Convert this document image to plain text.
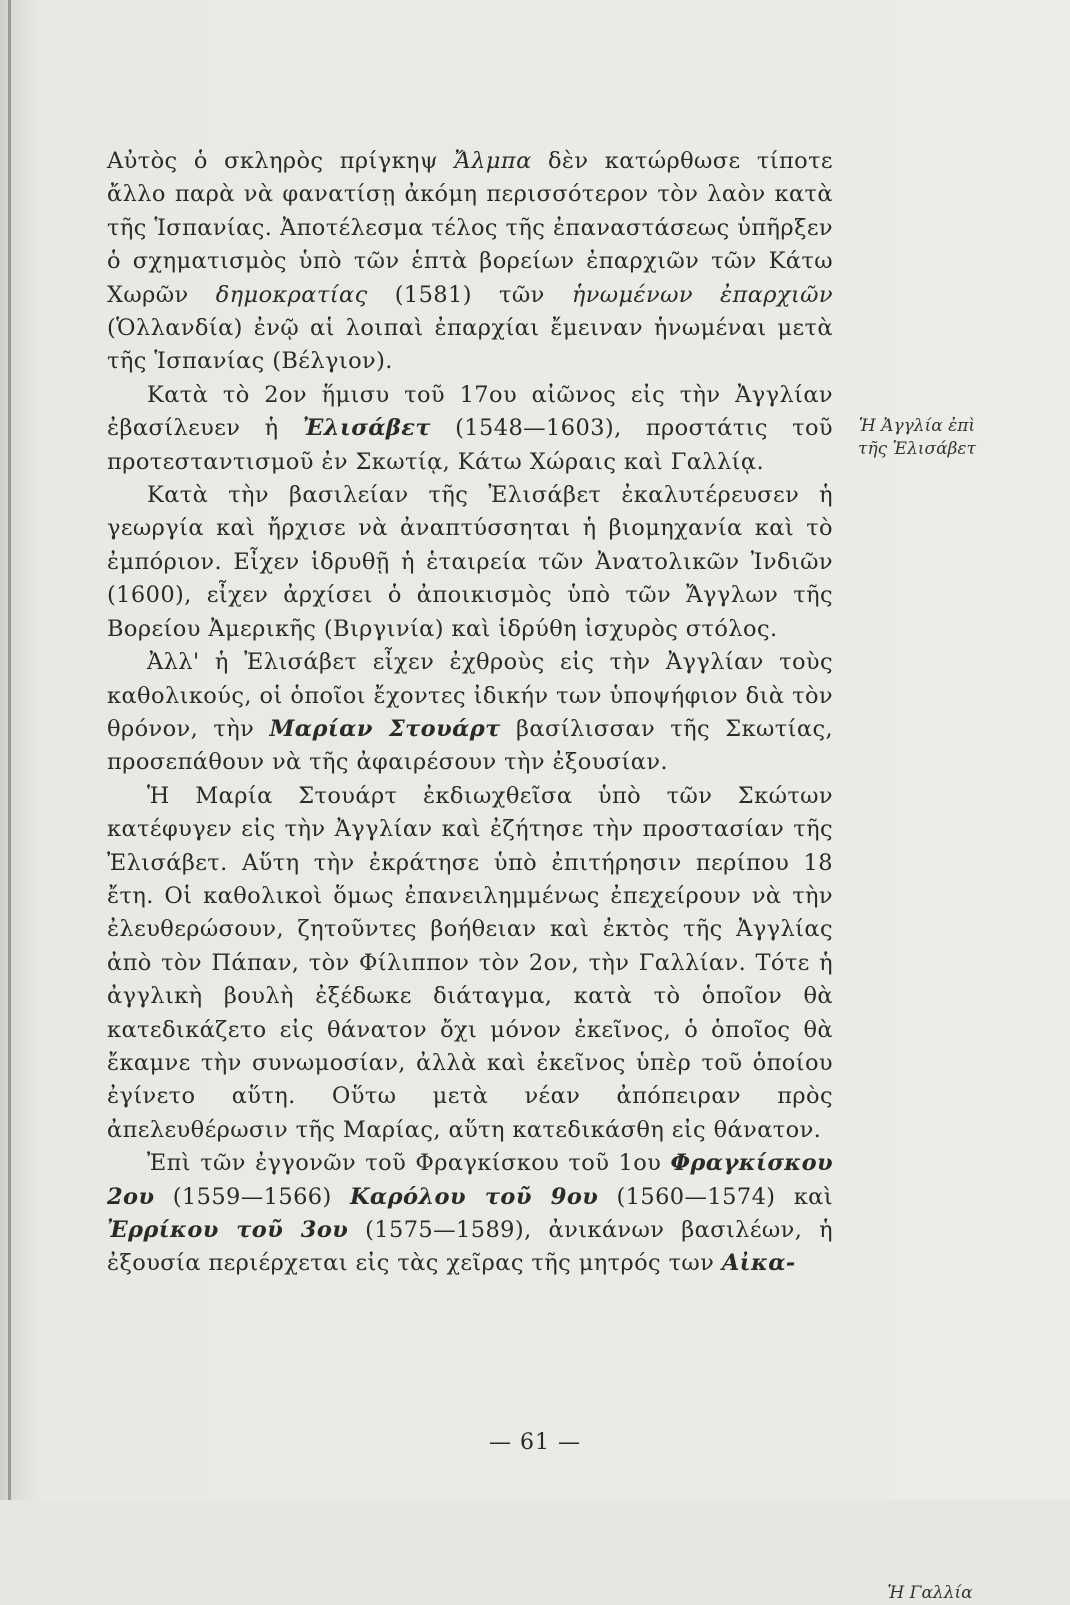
Αὐτὸς ὁ σκληρὸς πρίγκηψ Ἄλμπα δὲν κατώρθωσε τίποτε ἄλλο παρὰ νὰ φανατίσῃ ἀκόμη περισσότερον τὸν λαὸν κατὰ τῆς Ἱσπανίας. Ἀποτέλεσμα τέλος τῆς ἐπαναστάσεως ὑπῆρξεν ὁ σχηματισμὸς ὑπὸ τῶν ἑπτὰ βορείων ἐπαρχιῶν τῶν Κάτω Χωρῶν δημοκρατίας (1581) τῶν ἡνωμένων ἐπαρχιῶν (Ὁλλανδία) ἐνῷ αἱ λοιπαὶ ἐπαρχίαι ἔμειναν ἡνωμέναι μετὰ τῆς Ἱσπανίας (Βέλγιον).

Κατὰ τὸ 2ον ἥμισυ τοῦ 17ου αἰῶνος εἰς τὴν Ἀγγλίαν ἐβασίλευεν ἡ Ἐλισάβετ (1548—1603), προστάτις τοῦ προτεσταντισμοῦ ἐν Σκωτίᾳ, Κάτω Χώραις καὶ Γαλλίᾳ.

Κατὰ τὴν βασιλείαν τῆς Ἐλισάβετ ἐκαλυτέρευσεν ἡ γεωργία καὶ ἤρχισε νὰ ἀναπτύσσηται ἡ βιομηχανία καὶ τὸ ἐμπόριον. Εἶχεν ἱδρυθῇ ἡ ἑταιρεία τῶν Ἀνατολικῶν Ἰνδιῶν (1600), εἶχεν ἀρχίσει ὁ ἀποικισμὸς ὑπὸ τῶν Ἄγγλων τῆς Βορείου Ἀμερικῆς (Βιργινία) καὶ ἱδρύθη ἰσχυρὸς στόλος.

Ἀλλ' ἡ Ἐλισάβετ εἶχεν ἐχθροὺς εἰς τὴν Ἀγγλίαν τοὺς καθολικούς, οἱ ὁποῖοι ἔχοντες ἰδικήν των ὑποψήφιον διὰ τὸν θρόνον, τὴν Μαρίαν Στουάρτ βασίλισσαν τῆς Σκωτίας, προσεπάθουν νὰ τῆς ἀφαιρέσουν τὴν ἐξουσίαν.

Ἡ Μαρία Στουάρτ ἐκδιωχθεῖσα ὑπὸ τῶν Σκώτων κατέφυγεν εἰς τὴν Ἀγγλίαν καὶ ἐζήτησε τὴν προστασίαν τῆς Ἐλισάβετ. Αὕτη τὴν ἐκράτησε ὑπὸ ἐπιτήρησιν περίπου 18 ἔτη. Οἱ καθολικοὶ ὅμως ἐπανειλημμένως ἐπεχείρουν νὰ τὴν ἐλευθερώσουν, ζητοῦντες βοήθειαν καὶ ἐκτὸς τῆς Ἀγγλίας ἀπὸ τὸν Πάπαν, τὸν Φίλιππον τὸν 2ον, τὴν Γαλλίαν. Τότε ἡ ἀγγλικὴ βουλὴ ἐξέδωκε διάταγμα, κατὰ τὸ ὁποῖον θὰ κατεδικάζετο εἰς θάνατον ὄχι μόνον ἐκεῖνος, ὁ ὁποῖος θὰ ἔκαμνε τὴν συνωμοσίαν, ἀλλὰ καὶ ἐκεῖνος ὑπὲρ τοῦ ὁποίου ἐγίνετο αὕτη. Οὕτω μετὰ νέαν ἀπόπειραν πρὸς ἀπελευθέρωσιν τῆς Μαρίας, αὕτη κατεδικάσθη εἰς θάνατον.

Ἐπὶ τῶν ἐγγονῶν τοῦ Φραγκίσκου τοῦ 1ου Φραγκίσκου 2ου (1559—1566) Καρόλου τοῦ 9ου (1560—1574) καὶ Ἐρρίκου τοῦ 3ου (1575—1589), ἀνικάνων βασιλέων, ἡ ἐξουσία περιέρχεται εἰς τὰς χεῖρας τῆς μητρός των Αἰκα-

Ἡ Ἀγγλία ἐπὶ τῆς Ἐλισάβετ
Ἡ Γαλλία
— 61 —
